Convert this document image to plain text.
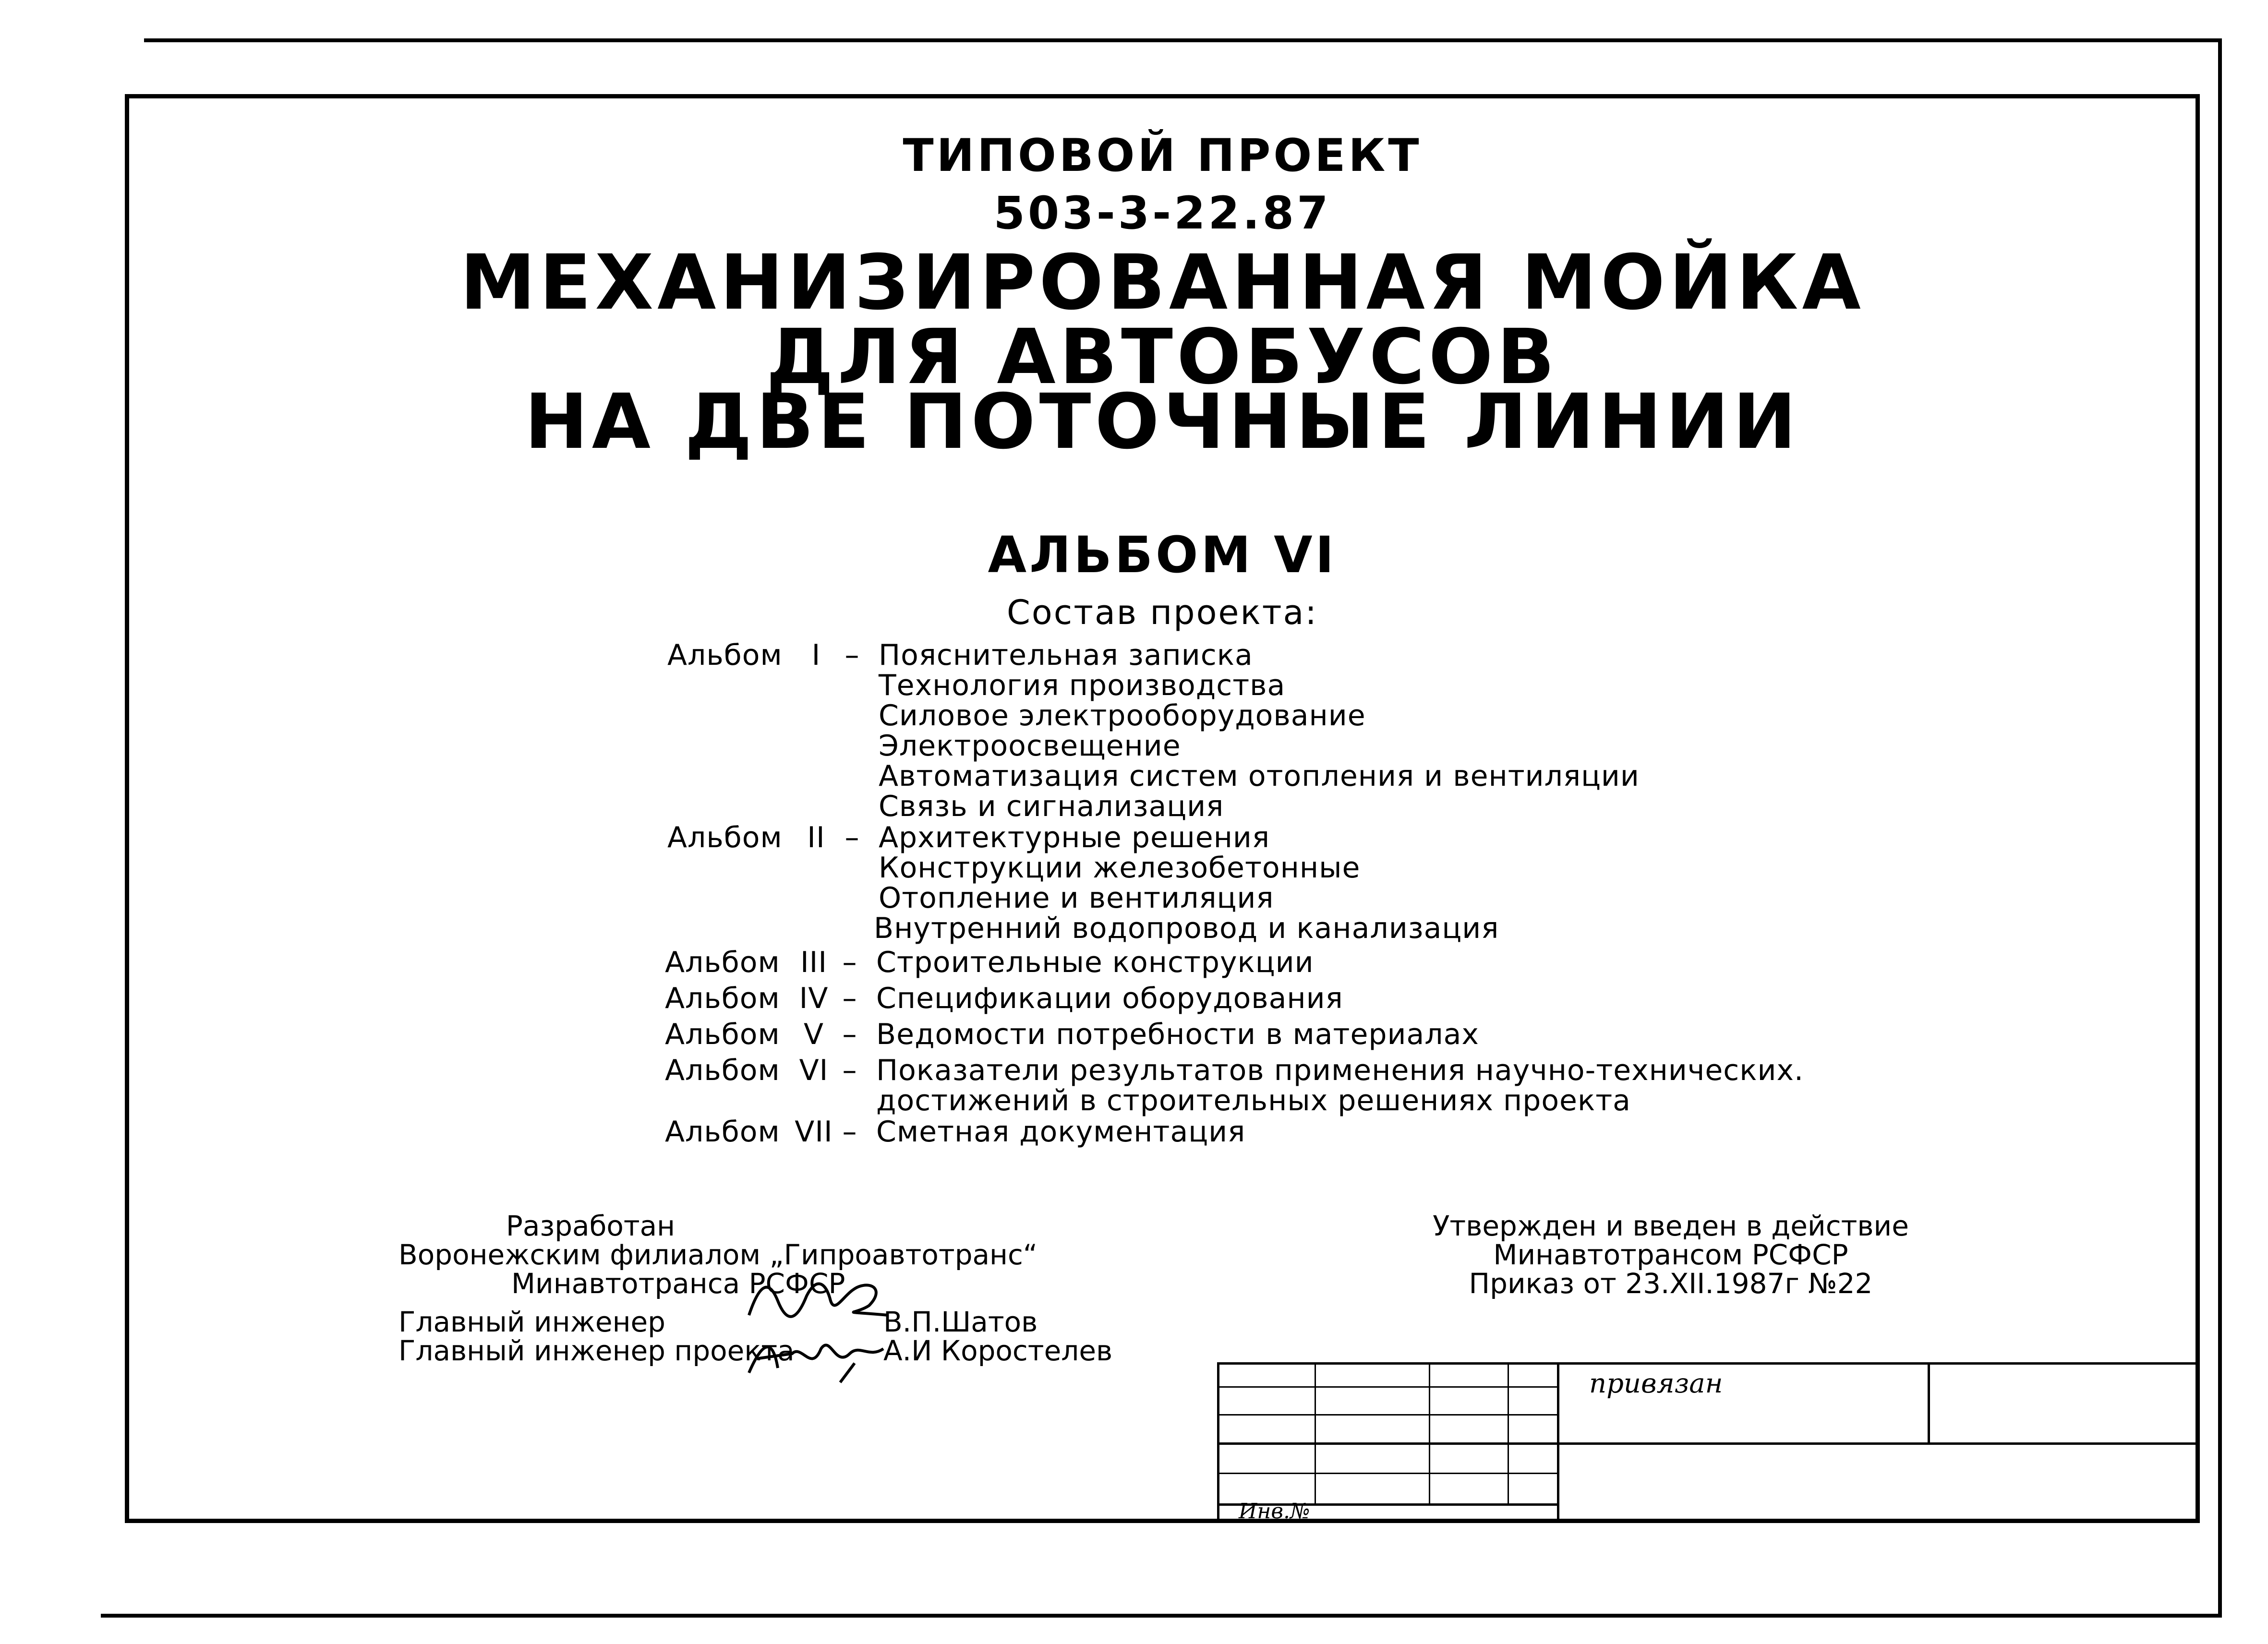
ТИПОВОЙ ПРОЕКТ
503-3-22.87
МЕХАНИЗИРОВАННАЯ МОЙКА
ДЛЯ АВТОБУСОВ
НА ДВЕ ПОТОЧНЫЕ ЛИНИИ
АЛЬБОМ VI
Состав проекта:
Альбом	I – Пояснительная записка
Технология производства
Силовое электрооборудование
Электроосвещение
Автоматизация систем отопления и вентиляции
Связь и сигнализация
Альбом II – Архитектурные решения
Конструкции железобетонные
Отопление и вентиляция
Внутренний водопровод и канализация
Альбом III – Строительные конструкции
Альбом IV – Спецификации оборудования
Альбом V – Ведомости потребности в материалах
Альбом VI – Показатели результатов применения научно-технических.
достижений в строительных решениях проекта
Альбом VII – Сметная документация
Разработан
Воронежским филиалом „Гипроавтотранс“
Минавтотранса РСФСР
Главный инженер	В.П.Шатов
Главный инженер проекта	А.И Коростелев
Утвержден и введен в действие
Минавтотрансом РСФСР
Приказ от 23.XII.1987г №22
привязан
Инв.№
